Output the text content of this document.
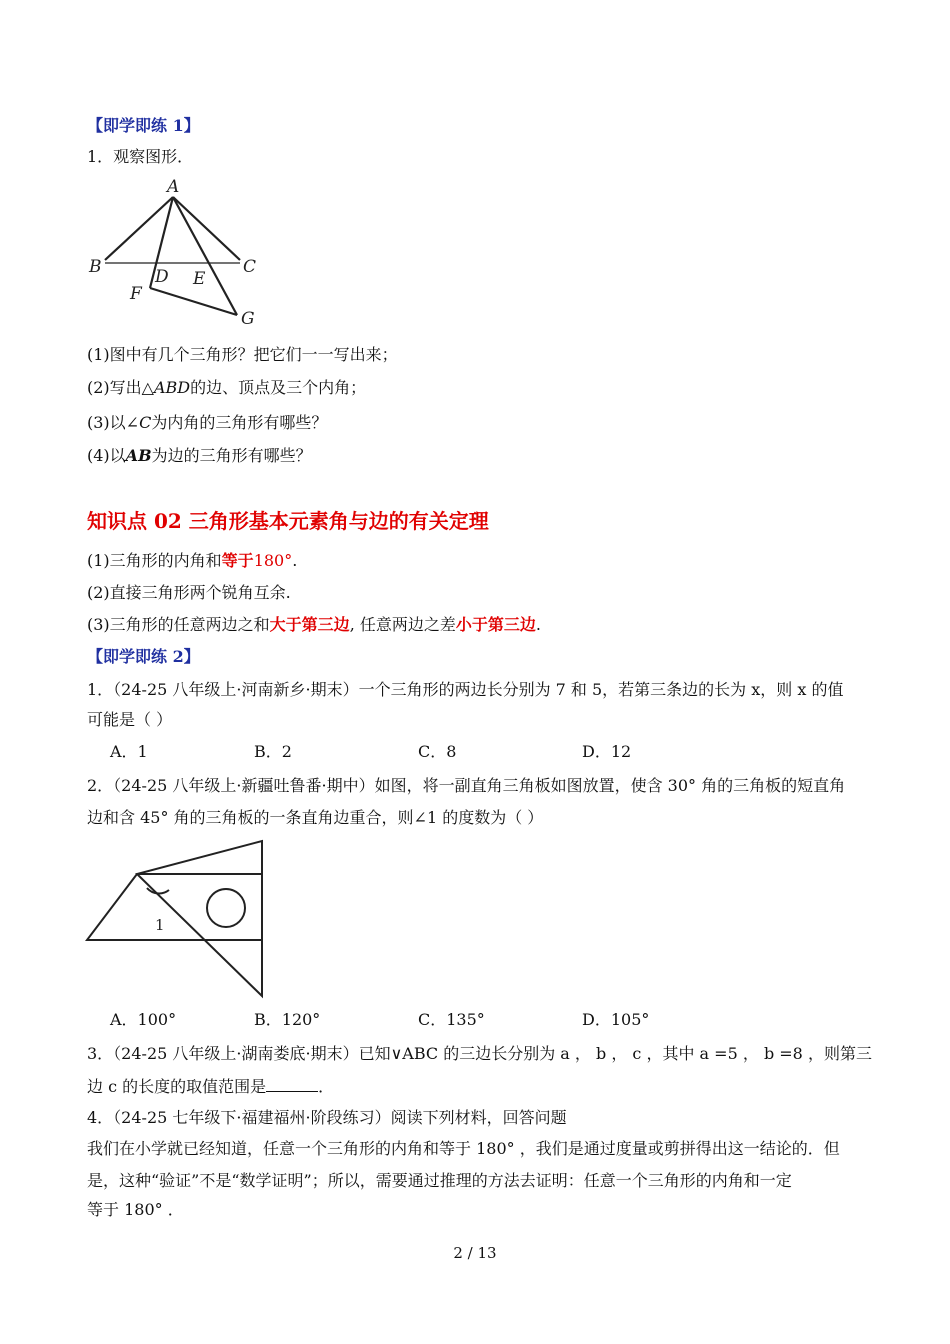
【即学即练 1】
1．观察图形．
A
B	C
D E
F
G
(1)图中有几个三角形？把它们一一写出来；
(2)写出△ABD的边、顶点及三个内角；
(3)以∠C为内角的三角形有哪些？
(4)以AB为边的三角形有哪些？
知识点 02 三角形基本元素角与边的有关定理
(1)三角形的内角和等于180°.
(2)直接三角形两个锐角互余.
(3)三角形的任意两边之和大于第三边, 任意两边之差小于第三边.
【即学即练 2】
1．（24-25 八年级上·河南新乡·期末）一个三角形的两边长分别为 7 和 5，若第三条边的长为 x，则 x 的值
可能是（ ）
A．1	B．2	C．8	D．12
2．（24-25 八年级上·新疆吐鲁番·期中）如图，将一副直角三角板如图放置，使含 30° 角的三角板的短直角
边和含 45° 角的三角板的一条直角边重合，则∠1 的度数为（ ）
1
A．100°	B．120°	C．135°	D．105°
3．（24-25 八年级上·湖南娄底·期末）已知∨ABC 的三边长分别为 a ， b ， c ，其中 a =5 ， b =8 ，则第三
边 c 的长度的取值范围是	．
4．（24-25 七年级下·福建福州·阶段练习）阅读下列材料，回答问题
我们在小学就已经知道，任意一个三角形的内角和等于 180° ，我们是通过度量或剪拼得出这一结论的．但
是，这种“验证”不是“数学证明”；所以，需要通过推理的方法去证明：任意一个三角形的内角和一定
等于 180° ．
2 / 13
